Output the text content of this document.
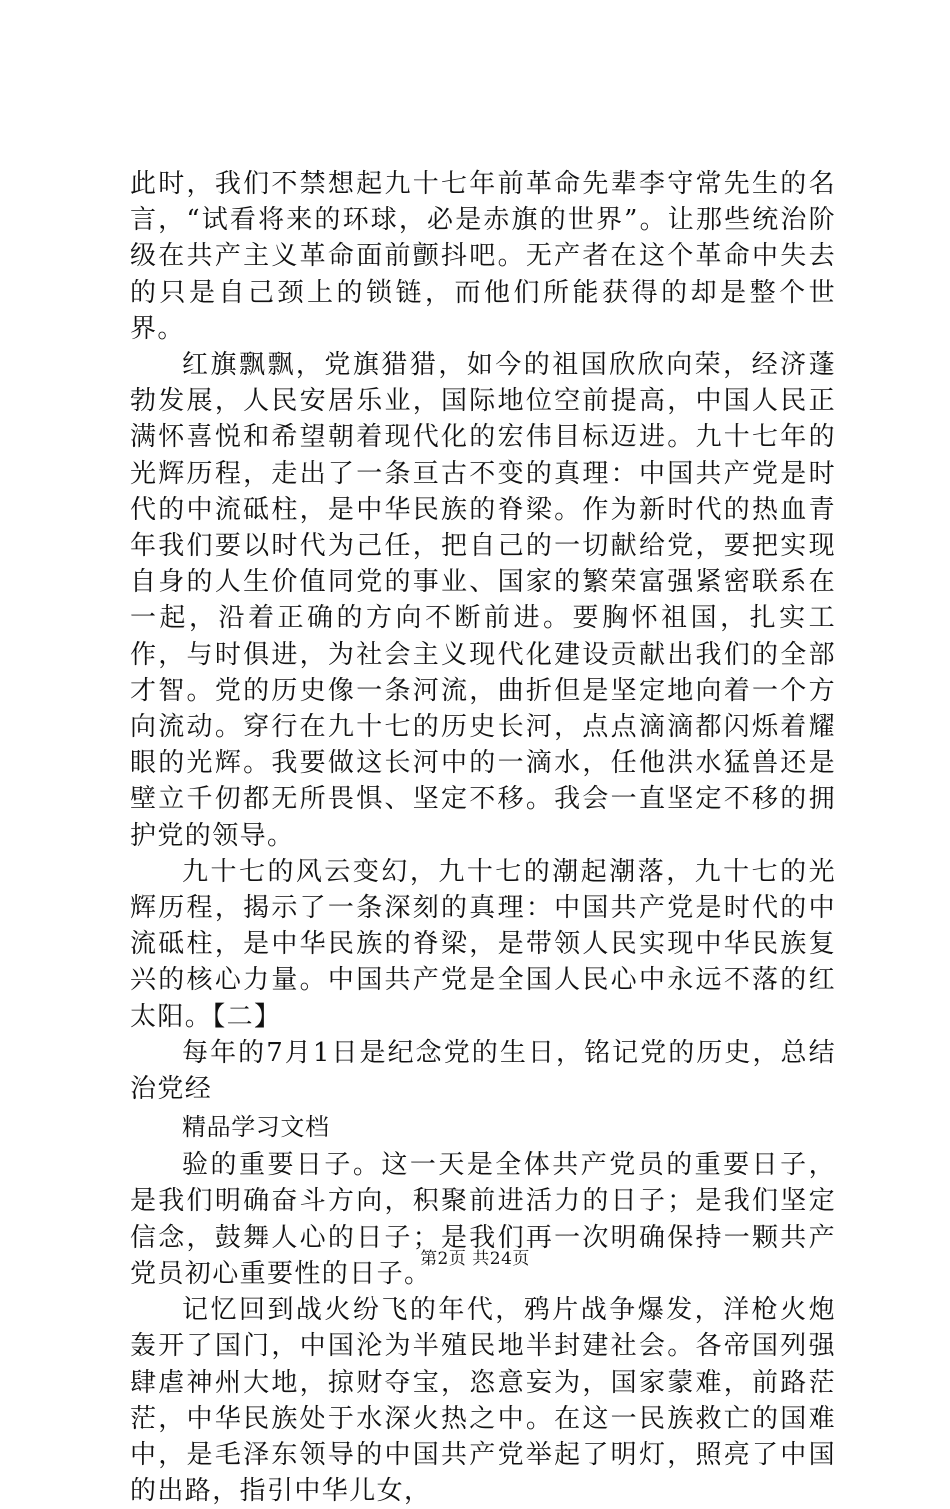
此时，我们不禁想起九十七年前革命先辈李守常先生的名言，“试看将来的环球，必是赤旗的世界”。让那些统治阶级在共产主义革命面前颤抖吧。无产者在这个革命中失去的只是自己颈上的锁链，而他们所能获得的却是整个世界。

红旗飘飘，党旗猎猎，如今的祖国欣欣向荣，经济蓬勃发展，人民安居乐业，国际地位空前提高，中国人民正满怀喜悦和希望朝着现代化的宏伟目标迈进。九十七年的光辉历程，走出了一条亘古不变的真理：中国共产党是时代的中流砥柱，是中华民族的脊梁。作为新时代的热血青年我们要以时代为己任，把自己的一切献给党，要把实现自身的人生价值同党的事业、国家的繁荣富强紧密联系在一起，沿着正确的方向不断前进。要胸怀祖国，扎实工作，与时俱进，为社会主义现代化建设贡献出我们的全部才智。党的历史像一条河流，曲折但是坚定地向着一个方向流动。穿行在九十七的历史长河，点点滴滴都闪烁着耀眼的光辉。我要做这长河中的一滴水，任他洪水猛兽还是壁立千仞都无所畏惧、坚定不移。我会一直坚定不移的拥护党的领导。

九十七的风云变幻，九十七的潮起潮落，九十七的光辉历程，揭示了一条深刻的真理：中国共产党是时代的中流砥柱，是中华民族的脊梁，是带领人民实现中华民族复兴的核心力量。中国共产党是全国人民心中永远不落的红太阳。【二】

每年的7月1日是纪念党的生日，铭记党的历史，总结治党经

精品学习文档

验的重要日子。这一天是全体共产党员的重要日子，是我们明确奋斗方向，积聚前进活力的日子；是我们坚定信念，鼓舞人心的日子；是我们再一次明确保持一颗共产党员初心重要性的日子。

记忆回到战火纷飞的年代，鸦片战争爆发，洋枪火炮轰开了国门，中国沦为半殖民地半封建社会。各帝国列强肆虐神州大地，掠财夺宝，恣意妄为，国家蒙难，前路茫茫，中华民族处于水深火热之中。在这一民族救亡的国难中，是毛泽东领导的中国共产党举起了明灯，照亮了中国的出路，指引中华儿女，

第2页 共24页
